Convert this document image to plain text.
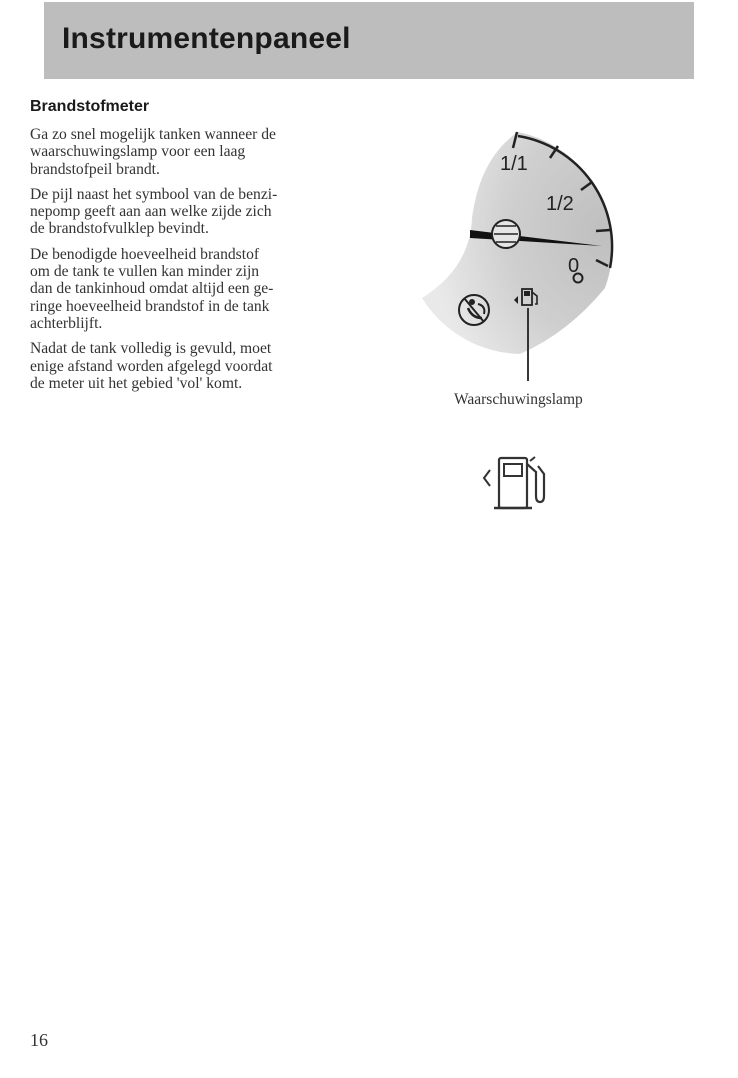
Instrumentenpaneel
Brandstofmeter

Ga zo snel mogelijk tanken wanneer de
waarschuwingslamp voor een laag
brandstofpeil brandt.

De pijl naast het symbool van de benzi-
nepomp geeft aan aan welke zijde zich
de brandstofvulklep bevindt.

De benodigde hoeveelheid brandstof
om de tank te vullen kan minder zijn
dan de tankinhoud omdat altijd een ge-
ringe hoeveelheid brandstof in de tank
achterblijft.

Nadat de tank volledig is gevuld, moet
enige afstand worden afgelegd voordat
de meter uit het gebied 'vol' komt.

1/1
1/2
0
Waarschuwingslamp
16
